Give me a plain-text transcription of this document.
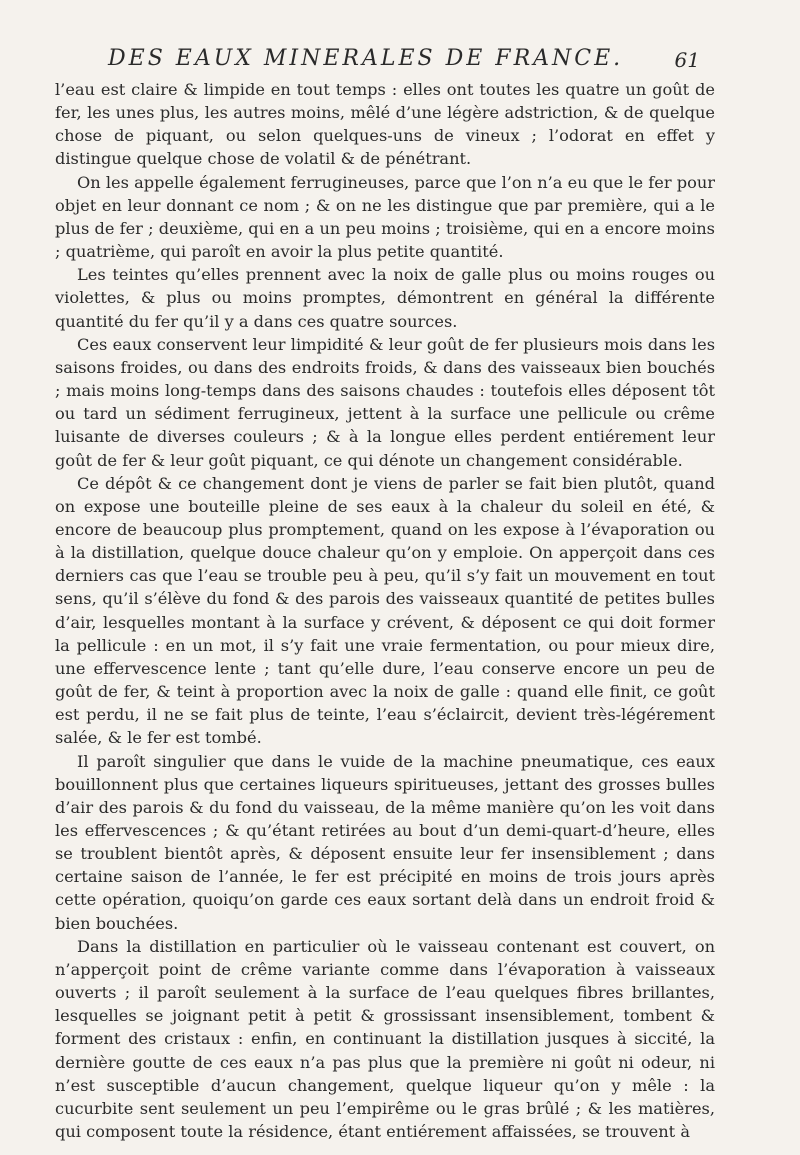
DES EAUX MINERALES DE FRANCE.	61

l’eau est claire & limpide en tout temps : elles ont toutes les quatre un goût de fer, les unes plus, les autres moins, mêlé d’une légère adstriction, & de quelque chose de piquant, ou selon quelques-uns de vineux ; l’odorat en effet y distingue quelque chose de volatil & de pénétrant.

On les appelle également ferrugineuses, parce que l’on n’a eu que le fer pour objet en leur donnant ce nom ; & on ne les distingue que par première, qui a le plus de fer ; deuxième, qui en a un peu moins ; troisième, qui en a encore moins ; quatrième, qui paroît en avoir la plus petite quantité.

Les teintes qu’elles prennent avec la noix de galle plus ou moins rouges ou violettes, & plus ou moins promptes, démontrent en général la différente quantité du fer qu’il y a dans ces quatre sources.

Ces eaux conservent leur limpidité & leur goût de fer plusieurs mois dans les saisons froides, ou dans des endroits froids, & dans des vaisseaux bien bouchés ; mais moins long-temps dans des saisons chaudes : toutefois elles déposent tôt ou tard un sédiment ferrugineux, jettent à la surface une pellicule ou crême luisante de diverses couleurs ; & à la longue elles perdent entiérement leur goût de fer & leur goût piquant, ce qui dénote un changement considérable.

Ce dépôt & ce changement dont je viens de parler se fait bien plutôt, quand on expose une bouteille pleine de ses eaux à la chaleur du soleil en été, & encore de beaucoup plus promptement, quand on les expose à l’évaporation ou à la distillation, quelque douce chaleur qu’on y emploie. On apperçoit dans ces derniers cas que l’eau se trouble peu à peu, qu’il s’y fait un mouvement en tout sens, qu’il s’élève du fond & des parois des vaisseaux quantité de petites bulles d’air, lesquelles montant à la surface y crévent, & déposent ce qui doit former la pellicule : en un mot, il s’y fait une vraie fermentation, ou pour mieux dire, une effervescence lente ; tant qu’elle dure, l’eau conserve encore un peu de goût de fer, & teint à proportion avec la noix de galle : quand elle finit, ce goût est perdu, il ne se fait plus de teinte, l’eau s’éclaircit, devient très-légérement salée, & le fer est tombé.

Il paroît singulier que dans le vuide de la machine pneumatique, ces eaux bouillonnent plus que certaines liqueurs spiritueuses, jettant des grosses bulles d’air des parois & du fond du vaisseau, de la même manière qu’on les voit dans les effervescences ; & qu’étant retirées au bout d’un demi-quart-d’heure, elles se troublent bientôt après, & déposent ensuite leur fer insensiblement ; dans certaine saison de l’année, le fer est précipité en moins de trois jours après cette opération, quoiqu’on garde ces eaux sortant delà dans un endroit froid & bien bouchées.

Dans la distillation en particulier où le vaisseau contenant est couvert, on n’apperçoit point de crême variante comme dans l’évaporation à vaisseaux ouverts ; il paroît seulement à la surface de l’eau quelques fibres brillantes, lesquelles se joignant petit à petit & grossissant insensiblement, tombent & forment des cristaux : enfin, en continuant la distillation jusques à siccité, la dernière goutte de ces eaux n’a pas plus que la première ni goût ni odeur, ni n’est susceptible d’aucun changement, quelque liqueur qu’on y mêle : la cucurbite sent seulement un peu l’empirême ou le gras brûlé ; & les matières, qui composent toute la résidence, étant entiérement affaissées, se trouvent à
